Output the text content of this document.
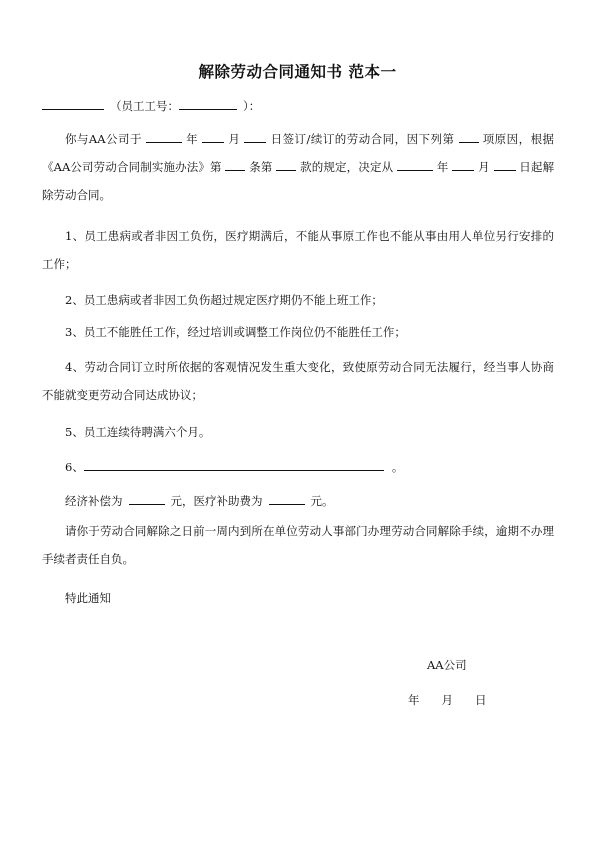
解除劳动合同通知书 范本一
（员工工号：	）：
你与AA公司于	年	月	日签订/续订的劳动合同，因下列第 项原因，根据《AA公司劳动合同制实施办法》第 条第 款的规定，决定从	年	月	日起解除劳动合同。
1、员工患病或者非因工负伤，医疗期满后，不能从事原工作也不能从事由用人单位另行安排的工作；
2、员工患病或者非因工负伤超过规定医疗期仍不能上班工作；
3、员工不能胜任工作，经过培训或调整工作岗位仍不能胜任工作；
4、劳动合同订立时所依据的客观情况发生重大变化，致使原劳动合同无法履行，经当事人协商不能就变更劳动合同达成协议；
5、员工连续待聘满六个月。
6、	。
经济补偿为	元，医疗补助费为	元。
请你于劳动合同解除之日前一周内到所在单位劳动人事部门办理劳动合同解除手续，逾期不办理手续者责任自负。
特此通知
AA公司
年 月 日
